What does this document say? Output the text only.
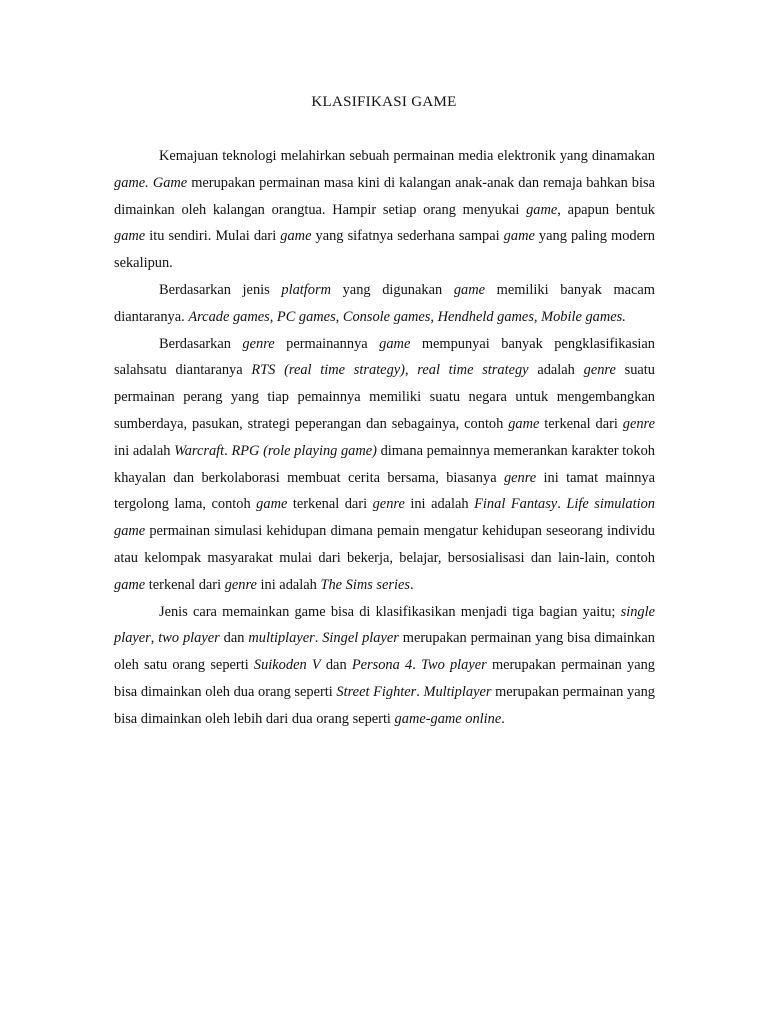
KLASIFIKASI GAME

Kemajuan teknologi melahirkan sebuah permainan media elektronik yang dinamakan game. Game merupakan permainan masa kini di kalangan anak-anak dan remaja bahkan bisa dimainkan oleh kalangan orangtua. Hampir setiap orang menyukai game, apapun bentuk game itu sendiri. Mulai dari game yang sifatnya sederhana sampai game yang paling modern sekalipun.

Berdasarkan jenis platform yang digunakan game memiliki banyak macam diantaranya. Arcade games, PC games, Console games, Hendheld games, Mobile games.

Berdasarkan genre permainannya game mempunyai banyak pengklasifikasian salahsatu diantaranya RTS (real time strategy), real time strategy adalah genre suatu permainan perang yang tiap pemainnya memiliki suatu negara untuk mengembangkan sumberdaya, pasukan, strategi peperangan dan sebagainya, contoh game terkenal dari genre ini adalah Warcraft. RPG (role playing game) dimana pemainnya memerankan karakter tokoh khayalan dan berkolaborasi membuat cerita bersama, biasanya genre ini tamat mainnya tergolong lama, contoh game terkenal dari genre ini adalah Final Fantasy. Life simulation game permainan simulasi kehidupan dimana pemain mengatur kehidupan seseorang individu atau kelompak masyarakat mulai dari bekerja, belajar, bersosialisasi dan lain-lain, contoh game terkenal dari genre ini adalah The Sims series.

Jenis cara memainkan game bisa di klasifikasikan menjadi tiga bagian yaitu; single player, two player dan multiplayer. Singel player merupakan permainan yang bisa dimainkan oleh satu orang seperti Suikoden V dan Persona 4. Two player merupakan permainan yang bisa dimainkan oleh dua orang seperti Street Fighter. Multiplayer merupakan permainan yang bisa dimainkan oleh lebih dari dua orang seperti game-game online.
